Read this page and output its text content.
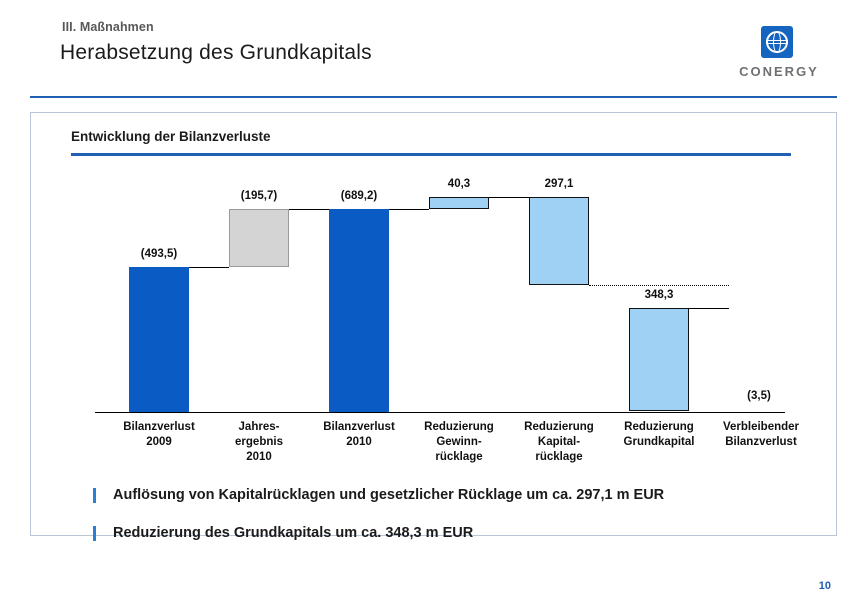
III. Maßnahmen
Herabsetzung des Grundkapitals
CONERGY
Entwicklung der Bilanzverluste
(493,5)
(195,7)	(689,2)
40,3	297,1
348,3
(3,5)
Bilanzverlust
2009
Jahres-
ergebnis
2010
Bilanzverlust
2010
Reduzierung
Gewinn-
rücklage
Reduzierung
Kapital-
rücklage
Reduzierung
Grundkapital
Verbleibender
Bilanzverlust
Auflösung von Kapitalrücklagen und gesetzlicher Rücklage um ca. 297,1 m EUR
Reduzierung des Grundkapitals um ca. 348,3 m EUR
10
